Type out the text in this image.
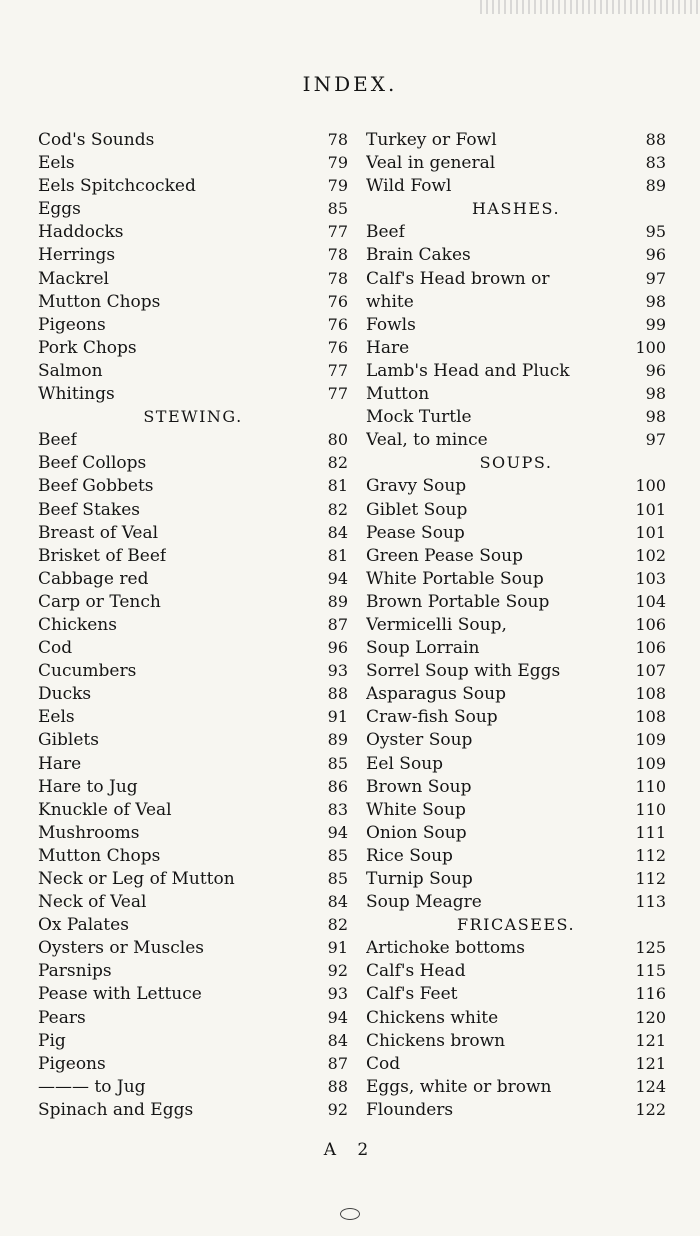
INDEX.
Cod's Sounds	78
Eels	79
Eels Spitchcocked	79
Eggs	85
Haddocks	77
Herrings	78
Mackrel	78
Mutton Chops	76
Pigeons	76
Pork Chops	76
Salmon	77
Whitings	77
STEWING.
Beef	80
Beef Collops	82
Beef Gobbets	81
Beef Stakes	82
Breast of Veal	84
Brisket of Beef	81
Cabbage red	94
Carp or Tench	89
Chickens	87
Cod	96
Cucumbers	93
Ducks	88
Eels	91
Giblets	89
Hare	85
Hare to Jug	86
Knuckle of Veal	83
Mushrooms	94
Mutton Chops	85
Neck or Leg of Mutton	85
Neck of Veal	84
Ox Palates	82
Oysters or Muscles	91
Parsnips	92
Pease with Lettuce	93
Pears	94
Pig	84
Pigeons	87
——— to Jug	88
Spinach and Eggs	92
Turkey or Fowl	88
Veal in general	83
Wild Fowl	89
HASHES.
Beef	95
Brain Cakes	96
Calf's Head brown or	97
white	98
Fowls	99
Hare	100
Lamb's Head and Pluck	96
Mutton	98
Mock Turtle	98
Veal, to mince	97
SOUPS.
Gravy Soup	100
Giblet Soup	101
Pease Soup	101
Green Pease Soup	102
White Portable Soup	103
Brown Portable Soup	104
Vermicelli Soup,	106
Soup Lorrain	106
Sorrel Soup with Eggs	107
Asparagus Soup	108
Craw-fish Soup	108
Oyster Soup	109
Eel Soup	109
Brown Soup	110
White Soup	110
Onion Soup	111
Rice Soup	112
Turnip Soup	112
Soup Meagre	113
FRICASEES.
Artichoke bottoms	125
Calf's Head	115
Calf's Feet	116
Chickens white	120
Chickens brown	121
Cod	121
Eggs, white or brown	124
Flounders	122
A 2
